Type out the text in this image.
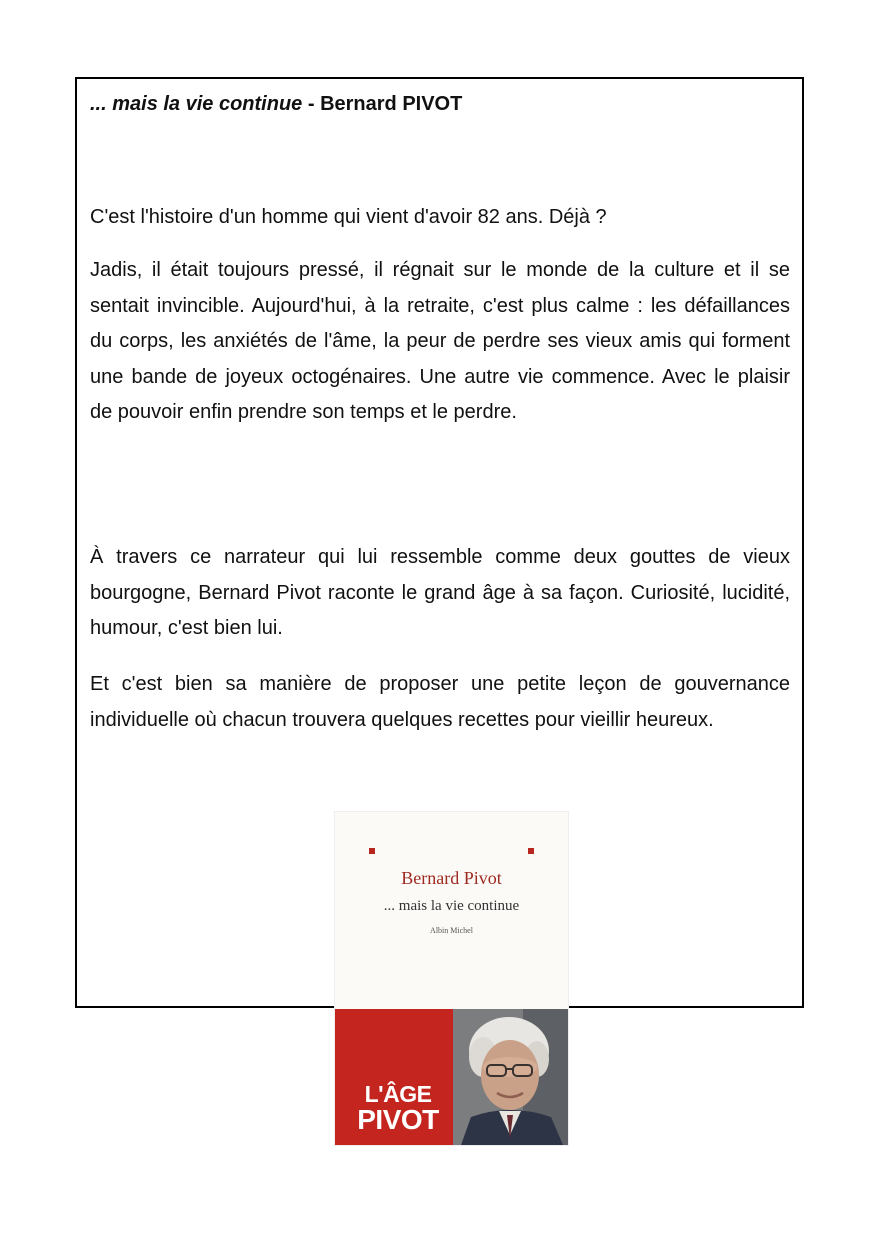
... mais la vie continue - Bernard PIVOT

C'est l'histoire d'un homme qui vient d'avoir 82 ans. Déjà ?

Jadis, il était toujours pressé, il régnait sur le monde de la culture et il se sentait invincible. Aujourd'hui, à la retraite, c'est plus calme : les défaillances du corps, les anxiétés de l'âme, la peur de perdre ses vieux amis qui forment une bande de joyeux octogénaires. Une autre vie commence. Avec le plaisir de pouvoir enfin prendre son temps et le perdre.

À travers ce narrateur qui lui ressemble comme deux gouttes de vieux bourgogne, Bernard Pivot raconte le grand âge à sa façon. Curiosité, lucidité, humour, c'est bien lui.

Et c'est bien sa manière de proposer une petite leçon de gouvernance individuelle où chacun trouvera quelques recettes pour vieillir heureux.

Bernard Pivot
... mais la vie continue
Albin Michel
L'ÂGE
PIVOT
